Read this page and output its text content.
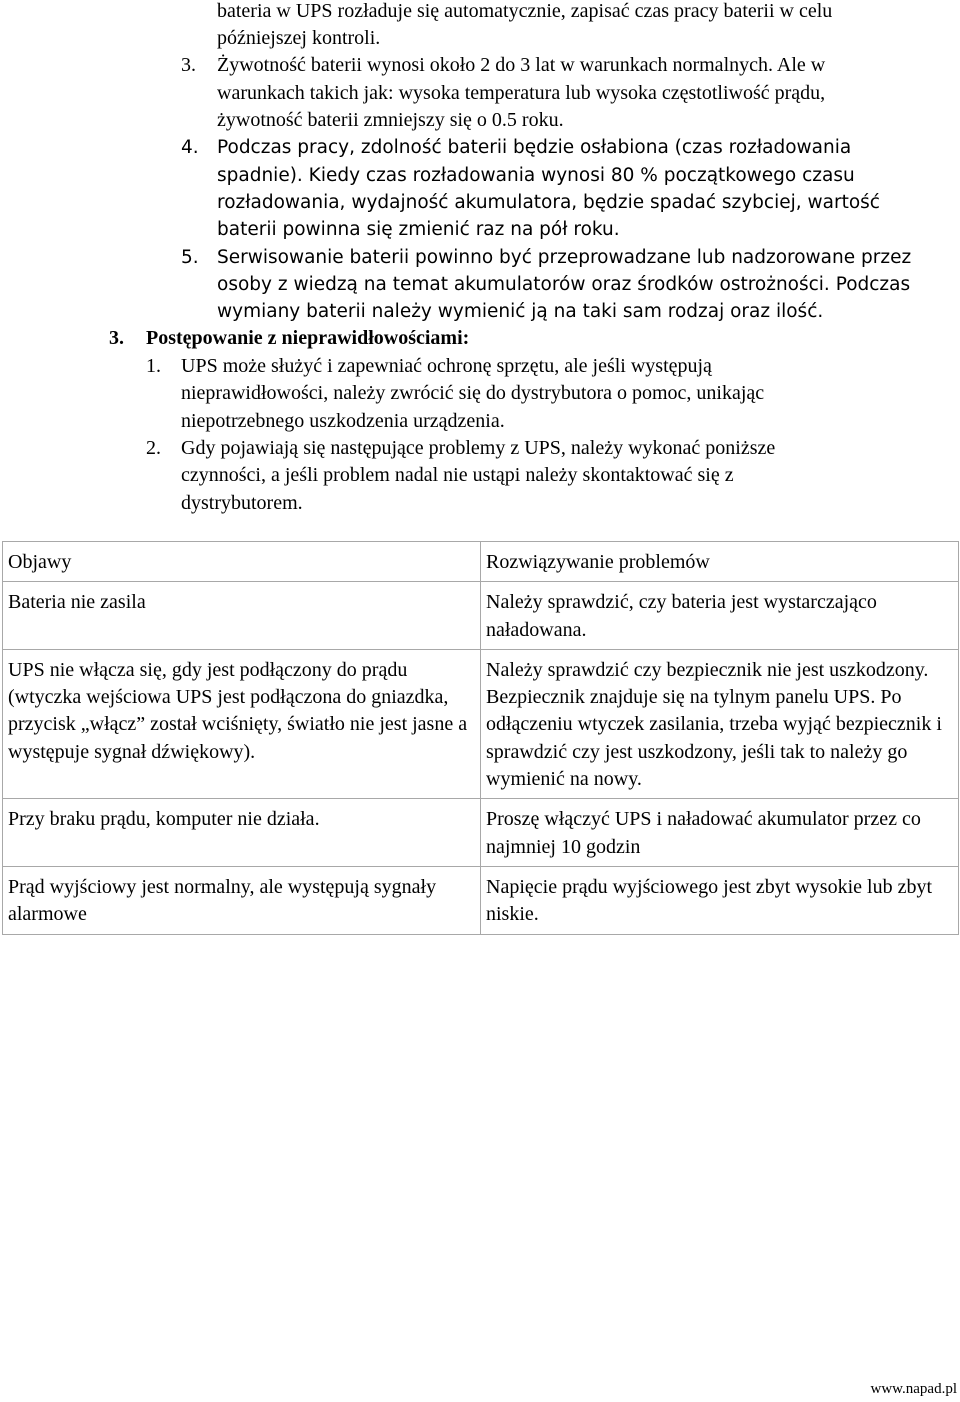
bateria w UPS rozładuje się automatycznie, zapisać czas pracy baterii w celu
późniejszej kontroli.
3. Żywotność baterii wynosi około 2 do 3 lat w warunkach normalnych. Ale w
warunkach takich jak: wysoka temperatura lub wysoka częstotliwość prądu,
żywotność baterii zmniejszy się o 0.5 roku.
4. Podczas pracy, zdolność baterii będzie osłabiona (czas rozładowania
spadnie). Kiedy czas rozładowania wynosi 80 % początkowego czasu
rozładowania, wydajność akumulatora, będzie spadać szybciej, wartość
baterii powinna się zmienić raz na pół roku.
5. Serwisowanie baterii powinno być przeprowadzane lub nadzorowane przez
osoby z wiedzą na temat akumulatorów oraz środków ostrożności. Podczas
wymiany baterii należy wymienić ją na taki sam rodzaj oraz ilość.
3. Postępowanie z nieprawidłowościami:
1. UPS może służyć i zapewniać ochronę sprzętu, ale jeśli występują
nieprawidłowości, należy zwrócić się do dystrybutora o pomoc, unikając
niepotrzebnego uszkodzenia urządzenia.
2. Gdy pojawiają się następujące problemy z UPS, należy wykonać poniższe
czynności, a jeśli problem nadal nie ustąpi należy skontaktować się z
dystrybutorem.
Objawy	Rozwiązywanie problemów
Bateria nie zasila	Należy sprawdzić, czy bateria jest wystarczająco naładowana.
UPS nie włącza się, gdy jest podłączony do prądu (wtyczka wejściowa UPS jest podłączona do gniazdka, przycisk „włącz” został wciśnięty, światło nie jest jasne a występuje sygnał dźwiękowy).	Należy sprawdzić czy bezpiecznik nie jest uszkodzony. Bezpiecznik znajduje się na tylnym panelu UPS. Po odłączeniu wtyczek zasilania, trzeba wyjąć bezpiecznik i sprawdzić czy jest uszkodzony, jeśli tak to należy go wymienić na nowy.
Przy braku prądu, komputer nie działa.	Proszę włączyć UPS i naładować akumulator przez co najmniej 10 godzin
Prąd wyjściowy jest normalny, ale występują sygnały alarmowe	Napięcie prądu wyjściowego jest zbyt wysokie lub zbyt niskie.
www.napad.pl
